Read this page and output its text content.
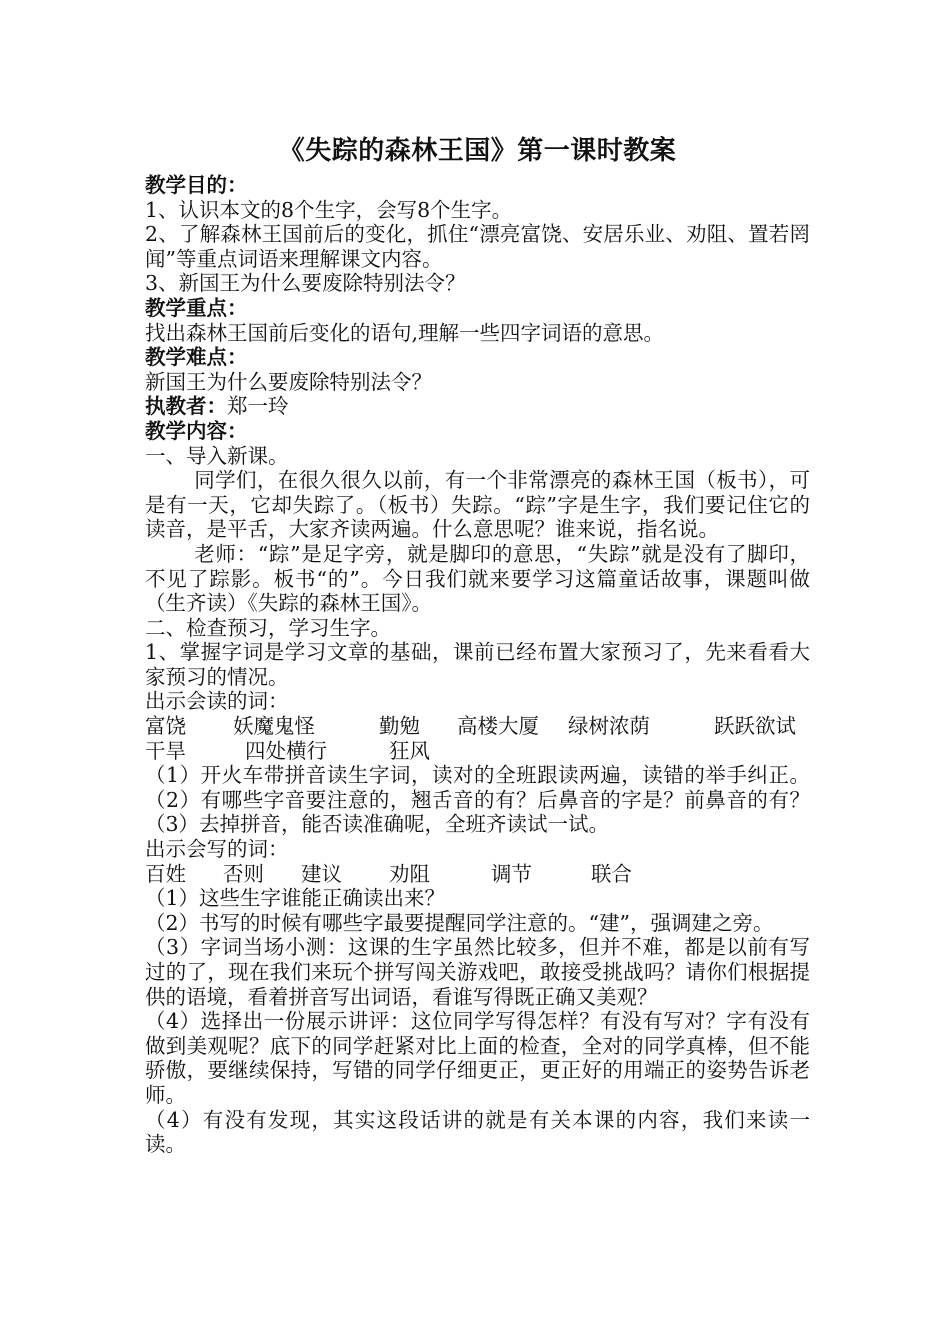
《失踪的森林王国》第一课时教案

教学目的：

1、认识本文的8个生字，会写8个生字。

2、了解森林王国前后的变化，抓住“漂亮富饶、安居乐业、劝阻、置若罔闻”等重点词语来理解课文内容。

3、新国王为什么要废除特别法令？

教学重点：

找出森林王国前后变化的语句,理解一些四字词语的意思。

教学难点：

新国王为什么要废除特别法令？

执教者：郑一玲

教学内容：

一、导入新课。

同学们，在很久很久以前，有一个非常漂亮的森林王国（板书），可是有一天，它却失踪了。（板书）失踪。“踪”字是生字，我们要记住它的读音，是平舌，大家齐读两遍。什么意思呢？谁来说，指名说。

老师：“踪”是足字旁，就是脚印的意思，“失踪”就是没有了脚印，不见了踪影。板书“的”。今日我们就来要学习这篇童话故事，课题叫做（生齐读）《失踪的森林王国》。

二、检查预习，学习生字。

1、掌握字词是学习文章的基础，课前已经布置大家预习了，先来看看大家预习的情况。

出示会读的词：

富饶	妖魔鬼怪	勤勉	高楼大厦	绿树浓荫	跃跃欲试
干旱	四处横行	狂风

（1）开火车带拼音读生字词，读对的全班跟读两遍，读错的举手纠正。（2）有哪些字音要注意的，翘舌音的有？后鼻音的字是？前鼻音的有？（3）去掉拼音，能否读准确呢，全班齐读试一试。

出示会写的词：

百姓	否则	建议	劝阻	调节	联合

（1）这些生字谁能正确读出来？

（2）书写的时候有哪些字最要提醒同学注意的。“建”，强调建之旁。

（3）字词当场小测：这课的生字虽然比较多，但并不难，都是以前有写过的了，现在我们来玩个拼写闯关游戏吧，敢接受挑战吗？请你们根据提供的语境，看着拼音写出词语，看谁写得既正确又美观？

（4）选择出一份展示讲评：这位同学写得怎样？有没有写对？字有没有做到美观呢？底下的同学赶紧对比上面的检查，全对的同学真棒，但不能骄傲，要继续保持，写错的同学仔细更正，更正好的用端正的姿势告诉老师。

（4）有没有发现，其实这段话讲的就是有关本课的内容，我们来读一读。
